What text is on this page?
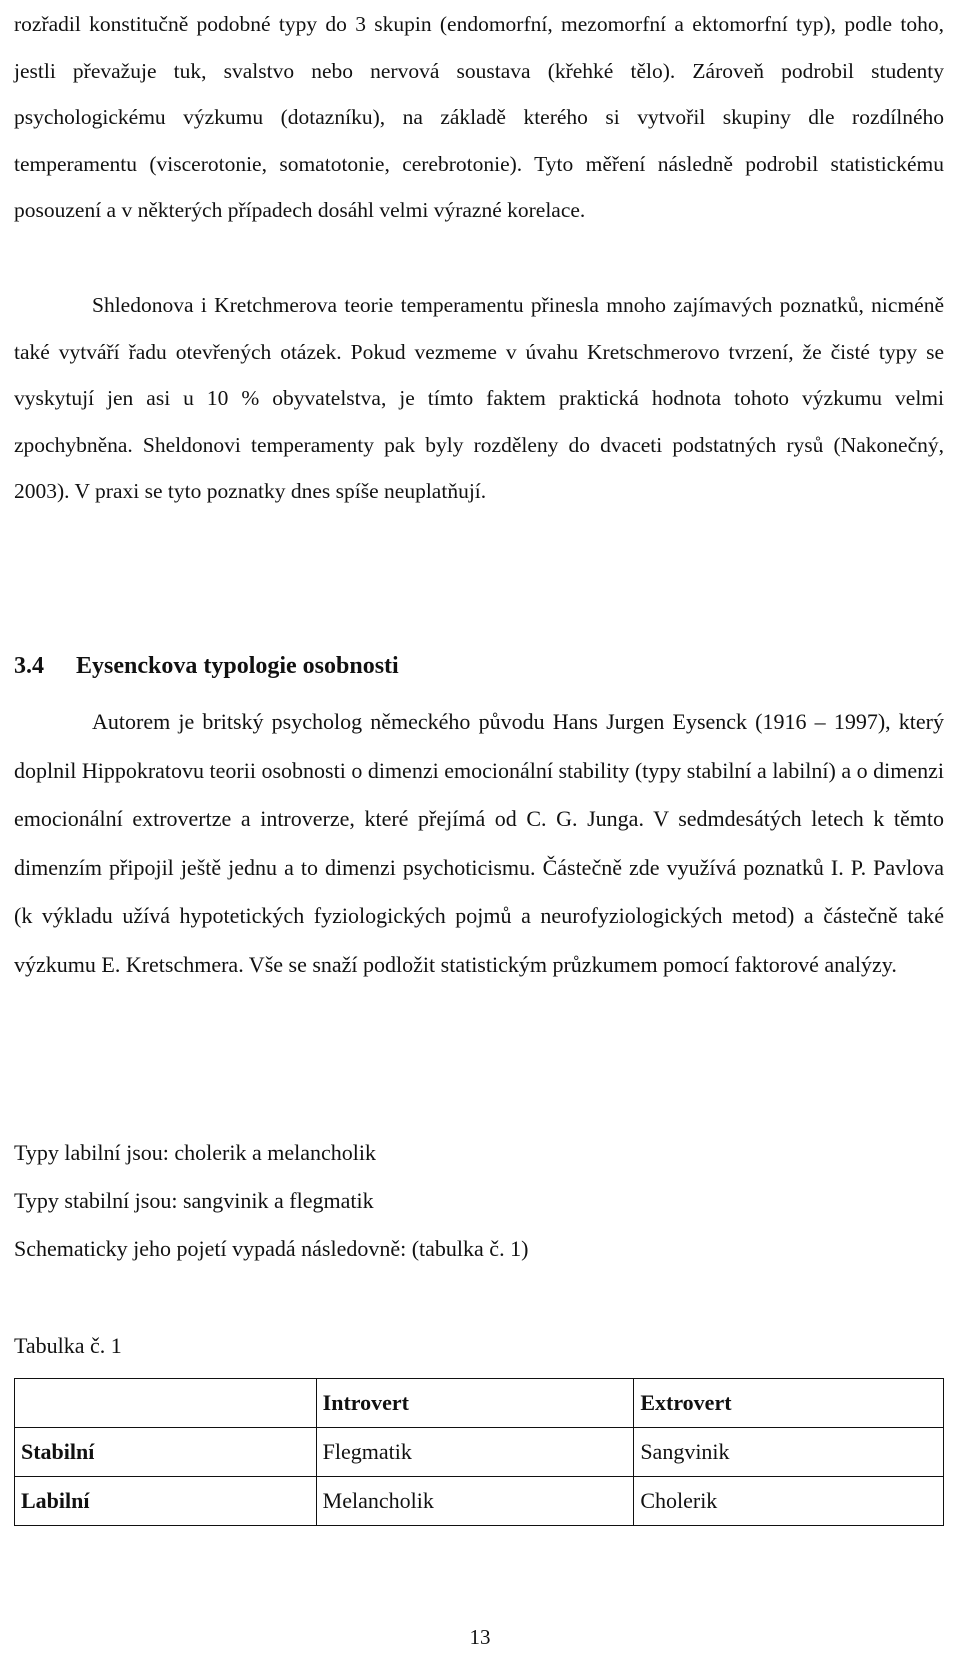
rozřadil konstitučně podobné typy do 3 skupin (endomorfní, mezomorfní a ektomorfní typ), podle toho, jestli převažuje tuk, svalstvo nebo nervová soustava (křehké tělo). Zároveň podrobil studenty psychologickému výzkumu (dotazníku), na základě kterého si vytvořil skupiny dle rozdílného temperamentu (viscerotonie, somatotonie, cerebrotonie). Tyto měření následně podrobil statistickému posouzení a v některých případech dosáhl velmi výrazné korelace.

Shledonova i Kretchmerova teorie temperamentu přinesla mnoho zajímavých poznatků, nicméně také vytváří řadu otevřených otázek. Pokud vezmeme v úvahu Kretschmerovo tvrzení, že čisté typy se vyskytují jen asi u 10 % obyvatelstva, je tímto faktem praktická hodnota tohoto výzkumu velmi zpochybněna. Sheldonovi temperamenty pak byly rozděleny do dvaceti podstatných rysů (Nakonečný, 2003). V praxi se tyto poznatky dnes spíše neuplatňují.

3.4 Eysenckova typologie osobnosti

Autorem je britský psycholog německého původu Hans Jurgen Eysenck (1916 – 1997), který doplnil Hippokratovu teorii osobnosti o dimenzi emocionální stability (typy stabilní a labilní) a o dimenzi emocionální extrovertze a introverze, které přejímá od C. G. Junga. V sedmdesátých letech k těmto dimenzím připojil ještě jednu a to dimenzi psychoticismu. Částečně zde využívá poznatků I. P. Pavlova (k výkladu užívá hypotetických fyziologických pojmů a neurofyziologických metod) a částečně také výzkumu E. Kretschmera. Vše se snaží podložit statistickým průzkumem pomocí faktorové analýzy.

Typy labilní jsou: cholerik a melancholik

Typy stabilní jsou: sangvinik a flegmatik

Schematicky jeho pojetí vypadá následovně: (tabulka č. 1)

Tabulka č. 1

	Introvert	Extrovert
Stabilní	Flegmatik	Sangvinik
Labilní	Melancholik	Cholerik

13
